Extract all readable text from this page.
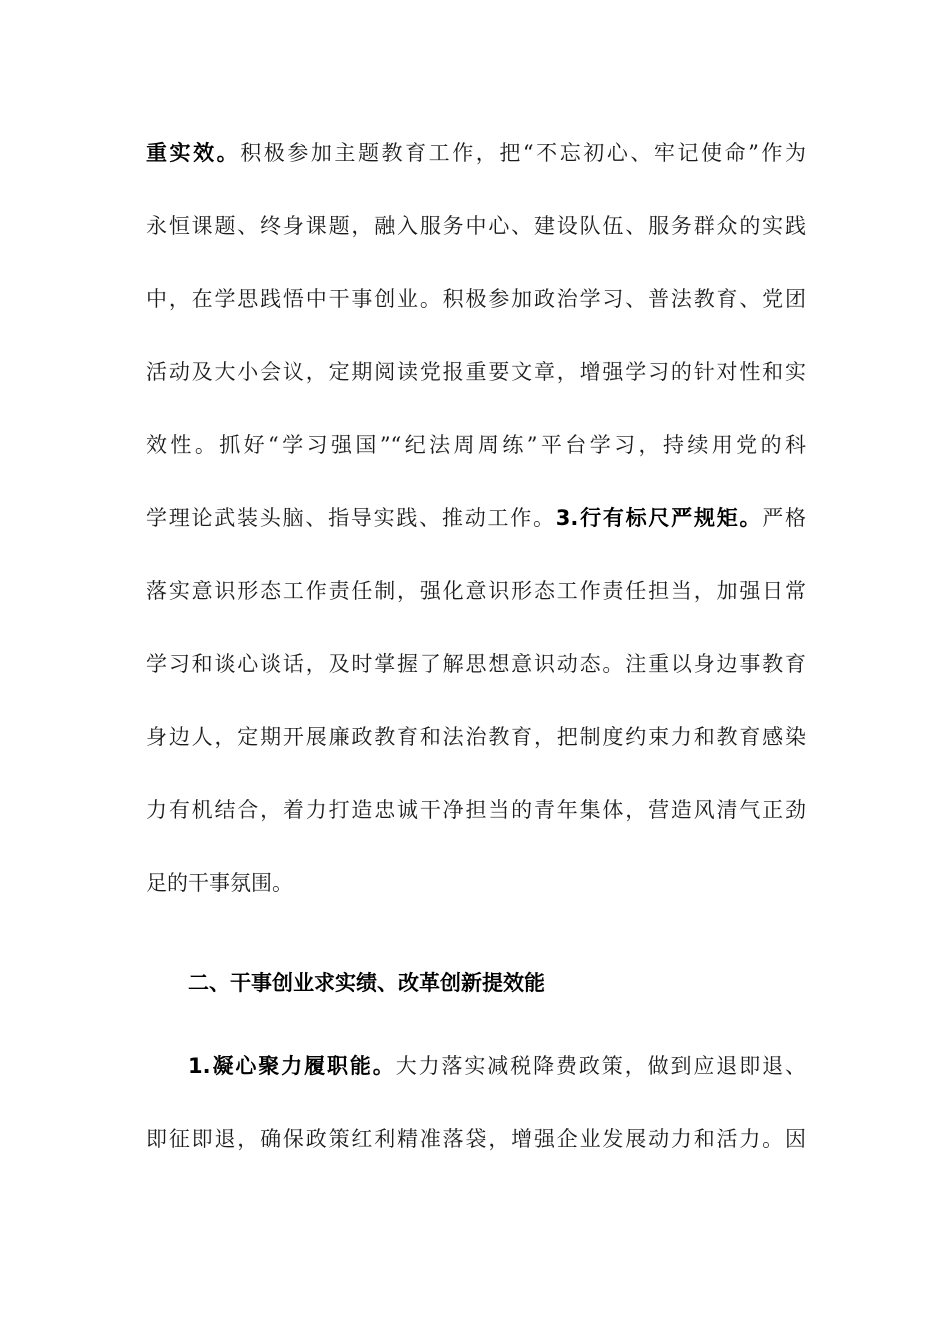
重实效。积极参加主题教育工作，把“不忘初心、牢记使命”作为
永恒课题、终身课题，融入服务中心、建设队伍、服务群众的实践
中，在学思践悟中干事创业。积极参加政治学习、普法教育、党团
活动及大小会议，定期阅读党报重要文章，增强学习的针对性和实
效性。抓好“学习强国”“纪法周周练”平台学习，持续用党的科
学理论武装头脑、指导实践、推动工作。3.行有标尺严规矩。严格
落实意识形态工作责任制，强化意识形态工作责任担当，加强日常
学习和谈心谈话，及时掌握了解思想意识动态。注重以身边事教育
身边人，定期开展廉政教育和法治教育，把制度约束力和教育感染
力有机结合，着力打造忠诚干净担当的青年集体，营造风清气正劲
足的干事氛围。
二、干事创业求实绩、改革创新提效能
1.凝心聚力履职能。大力落实减税降费政策，做到应退即退、
即征即退，确保政策红利精准落袋，增强企业发展动力和活力。因
